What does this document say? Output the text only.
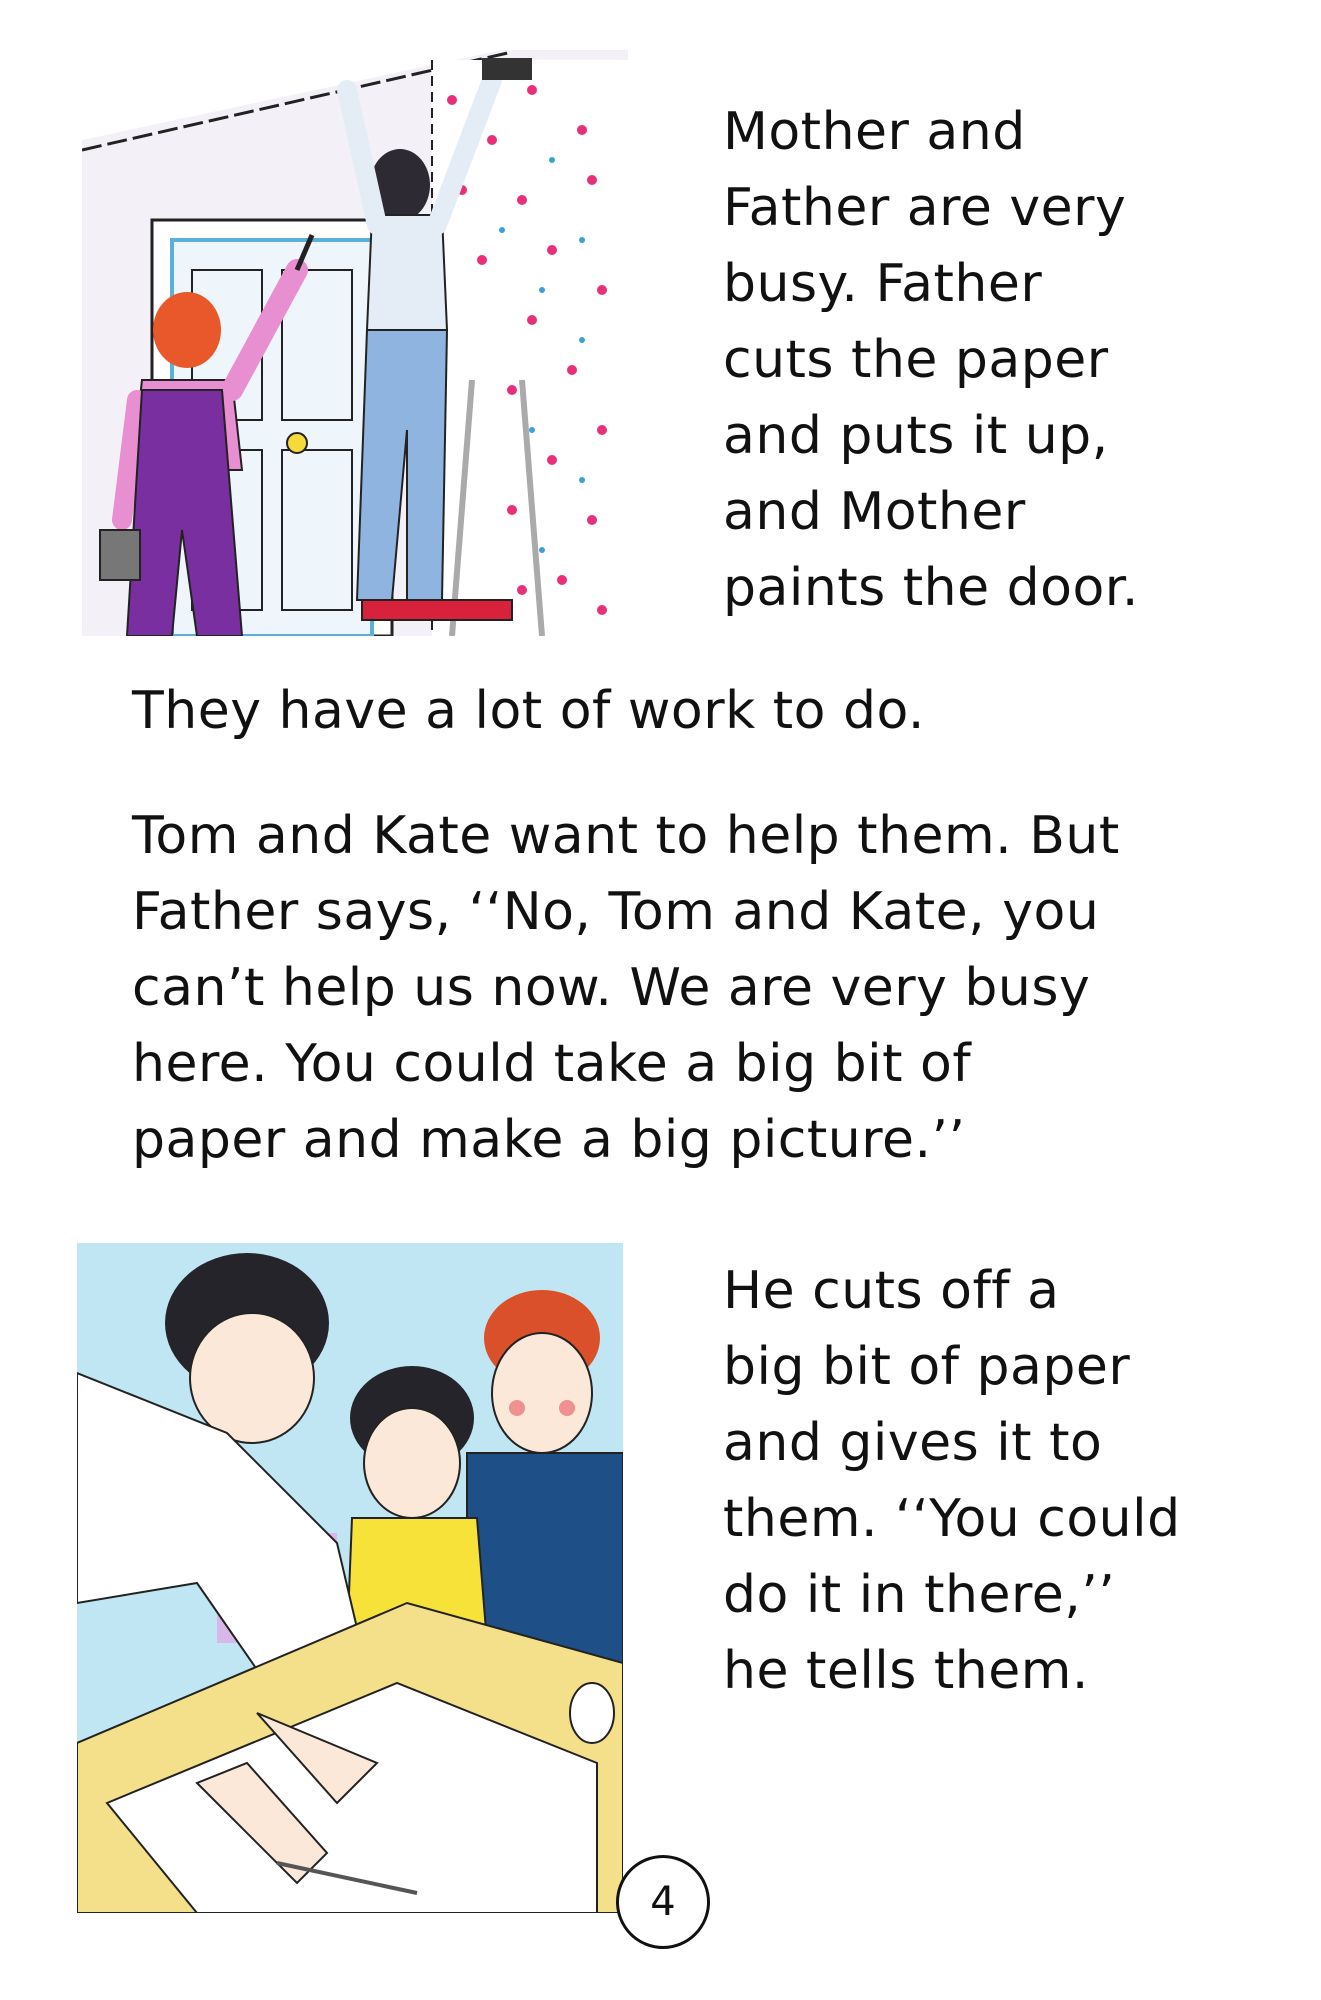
Mother and
Father are very
busy. Father
cuts the paper
and puts it up,
and Mother
paints the door.
They have a lot of work to do.
Tom and Kate want to help them. But
Father says, ‘‘No, Tom and Kate, you
can’t help us now. We are very busy
here. You could take a big bit of
paper and make a big picture.’’
He cuts off a
big bit of paper
and gives it to
them. ‘‘You could
do it in there,’’
he tells them.
4
